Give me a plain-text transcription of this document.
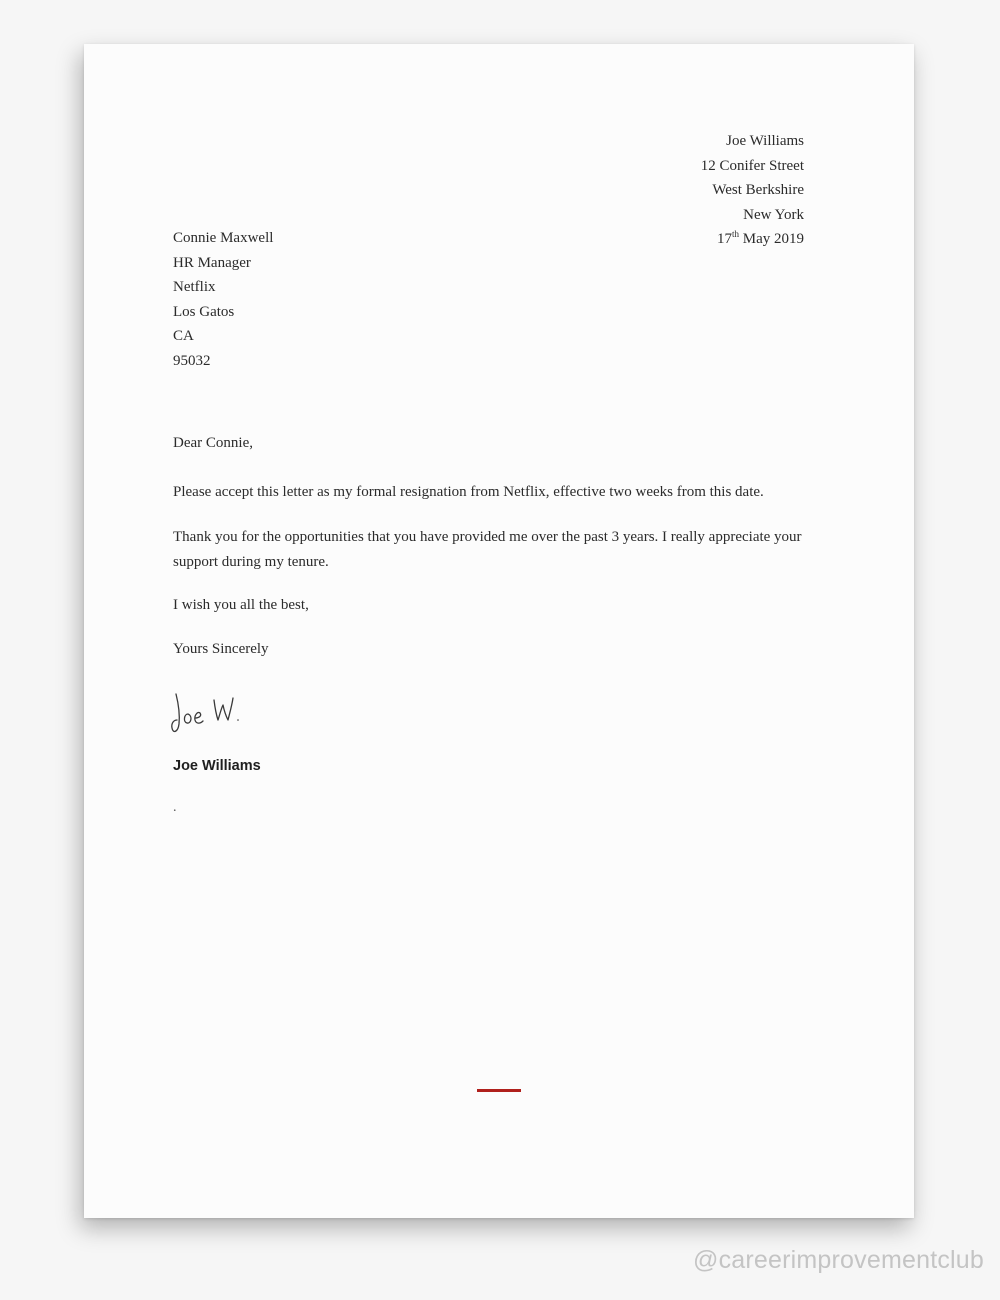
Joe Williams
12 Conifer Street
West Berkshire
New York
17th May 2019
Connie Maxwell
HR Manager
Netflix
Los Gatos
CA
95032
Dear Connie,

Please accept this letter as my formal resignation from Netflix, effective two weeks from this date.

Thank you for the opportunities that you have provided me over the past 3 years. I really appreciate your support during my tenure.

I wish you all the best,

Yours Sincerely
Joe Williams
.
@careerimprovementclub
